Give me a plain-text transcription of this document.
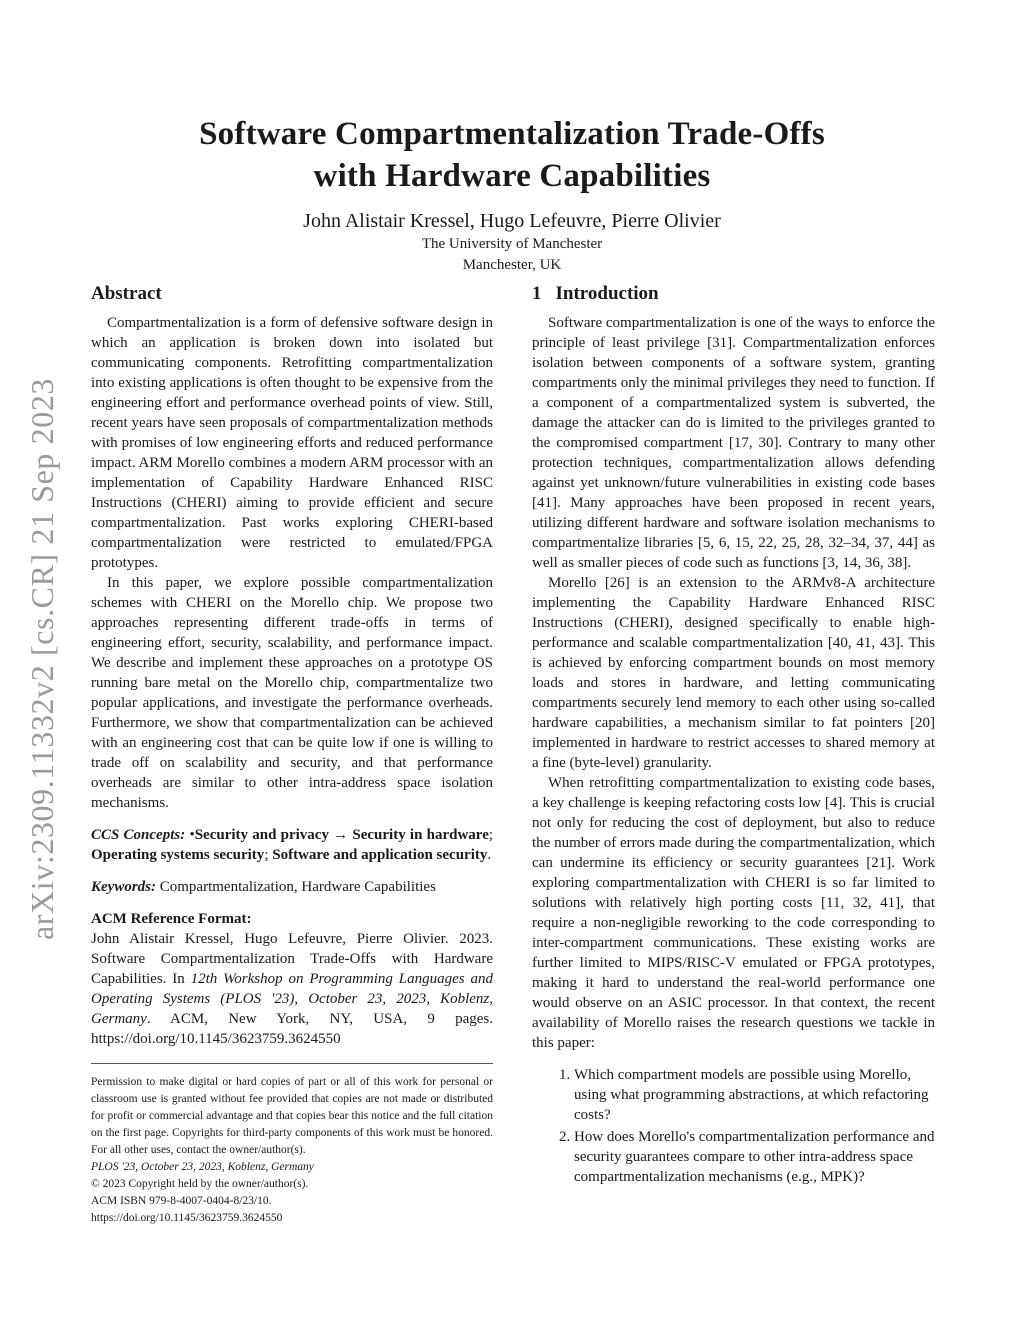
Software Compartmentalization Trade-Offs
with Hardware Capabilities
John Alistair Kressel, Hugo Lefeuvre, Pierre Olivier
The University of Manchester
Manchester, UK
arXiv:2309.11332v2 [cs.CR] 21 Sep 2023
Abstract

Compartmentalization is a form of defensive software design in which an application is broken down into isolated but communicating components. Retrofitting compartmentalization into existing applications is often thought to be expensive from the engineering effort and performance overhead points of view. Still, recent years have seen proposals of compartmentalization methods with promises of low engineering efforts and reduced performance impact. ARM Morello combines a modern ARM processor with an implementation of Capability Hardware Enhanced RISC Instructions (CHERI) aiming to provide efficient and secure compartmentalization. Past works exploring CHERI-based compartmentalization were restricted to emulated/FPGA prototypes.

In this paper, we explore possible compartmentalization schemes with CHERI on the Morello chip. We propose two approaches representing different trade-offs in terms of engineering effort, security, scalability, and performance impact. We describe and implement these approaches on a prototype OS running bare metal on the Morello chip, compartmentalize two popular applications, and investigate the performance overheads. Furthermore, we show that compartmentalization can be achieved with an engineering cost that can be quite low if one is willing to trade off on scalability and security, and that performance overheads are similar to other intra-address space isolation mechanisms.

CCS Concepts: •Security and privacy → Security in hardware; Operating systems security; Software and application security.

Keywords: Compartmentalization, Hardware Capabilities

ACM Reference Format:

John Alistair Kressel, Hugo Lefeuvre, Pierre Olivier. 2023. Software Compartmentalization Trade-Offs with Hardware Capabilities. In 12th Workshop on Programming Languages and Operating Systems (PLOS '23), October 23, 2023, Koblenz, Germany. ACM, New York, NY, USA, 9 pages. https://doi.org/10.1145/3623759.3624550

Permission to make digital or hard copies of part or all of this work for personal or classroom use is granted without fee provided that copies are not made or distributed for profit or commercial advantage and that copies bear this notice and the full citation on the first page. Copyrights for third-party components of this work must be honored. For all other uses, contact the owner/author(s).

PLOS '23, October 23, 2023, Koblenz, Germany

© 2023 Copyright held by the owner/author(s).

ACM ISBN 979-8-4007-0404-8/23/10.

https://doi.org/10.1145/3623759.3624550

1 Introduction

Software compartmentalization is one of the ways to enforce the principle of least privilege [31]. Compartmentalization enforces isolation between components of a software system, granting compartments only the minimal privileges they need to function. If a component of a compartmentalized system is subverted, the damage the attacker can do is limited to the privileges granted to the compromised compartment [17, 30]. Contrary to many other protection techniques, compartmentalization allows defending against yet unknown/future vulnerabilities in existing code bases [41]. Many approaches have been proposed in recent years, utilizing different hardware and software isolation mechanisms to compartmentalize libraries [5, 6, 15, 22, 25, 28, 32–34, 37, 44] as well as smaller pieces of code such as functions [3, 14, 36, 38].

Morello [26] is an extension to the ARMv8-A architecture implementing the Capability Hardware Enhanced RISC Instructions (CHERI), designed specifically to enable high-performance and scalable compartmentalization [40, 41, 43]. This is achieved by enforcing compartment bounds on most memory loads and stores in hardware, and letting communicating compartments securely lend memory to each other using so-called hardware capabilities, a mechanism similar to fat pointers [20] implemented in hardware to restrict accesses to shared memory at a fine (byte-level) granularity.

When retrofitting compartmentalization to existing code bases, a key challenge is keeping refactoring costs low [4]. This is crucial not only for reducing the cost of deployment, but also to reduce the number of errors made during the compartmentalization, which can undermine its efficiency or security guarantees [21]. Work exploring compartmentalization with CHERI is so far limited to solutions with relatively high porting costs [11, 32, 41], that require a non-negligible reworking to the code corresponding to inter-compartment communications. These existing works are further limited to MIPS/RISC-V emulated or FPGA prototypes, making it hard to understand the real-world performance one would observe on an ASIC processor. In that context, the recent availability of Morello raises the research questions we tackle in this paper:

1. Which compartment models are possible using Morello, using what programming abstractions, at which refactoring costs?
2. How does Morello's compartmentalization performance and security guarantees compare to other intra-address space compartmentalization mechanisms (e.g., MPK)?
